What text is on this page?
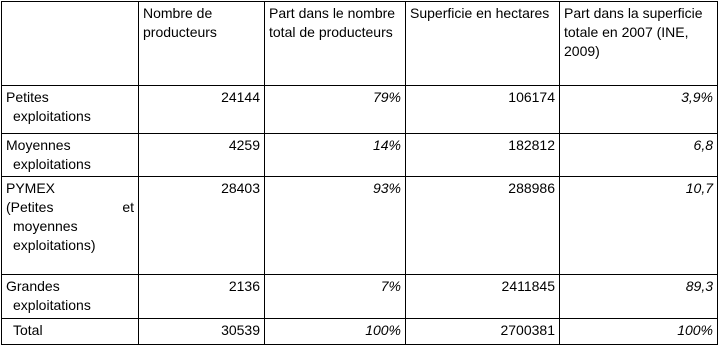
	Nombre de producteurs	Part dans le nombre total de producteurs	Superficie en hectares	Part dans la superficie totale en 2007 (INE, 2009)

Petites
exploitations	24144	79%	106174	3,9%

Moyennes
exploitations	4259	14%	182812	6,8

PYMEX
(Petites et
moyennes exploitations)	28403	93%	288986	10,7

Grandes
exploitations	2136	7%	2411845	89,3
Total	30539	100%	2700381	100%
